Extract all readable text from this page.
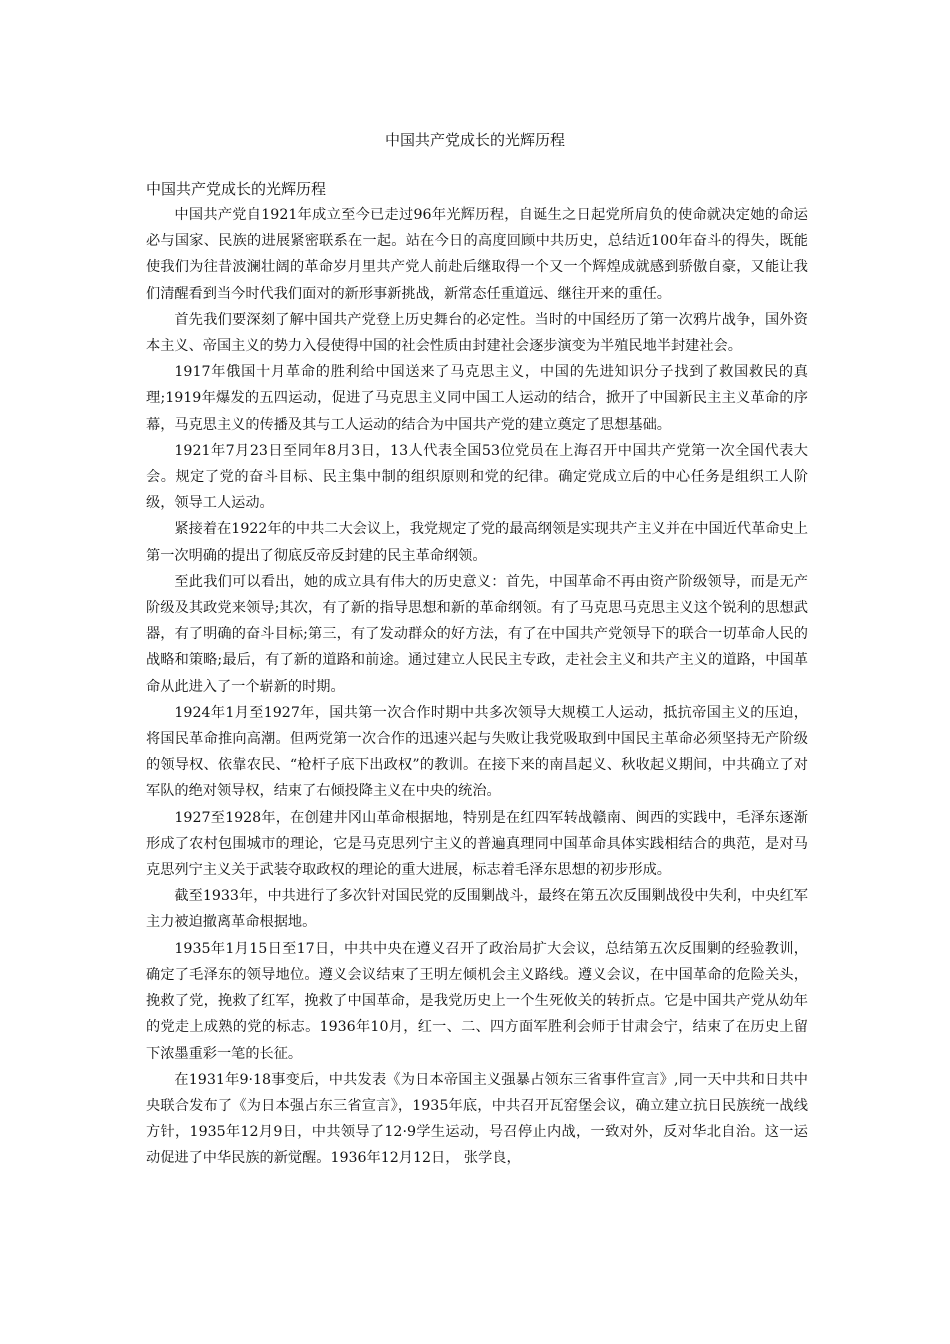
中国共产党成长的光辉历程

中国共产党成长的光辉历程

中国共产党自1921年成立至今已走过96年光辉历程，自诞生之日起党所肩负的使命就决定她的命运必与国家、民族的进展紧密联系在一起。站在今日的高度回顾中共历史，总结近100年奋斗的得失，既能使我们为往昔波澜壮阔的革命岁月里共产党人前赴后继取得一个又一个辉煌成就感到骄傲自豪，又能让我们清醒看到当今时代我们面对的新形事新挑战，新常态任重道远、继往开来的重任。

首先我们要深刻了解中国共产党登上历史舞台的必定性。当时的中国经历了第一次鸦片战争，国外资本主义、帝国主义的势力入侵使得中国的社会性质由封建社会逐步演变为半殖民地半封建社会。

1917年俄国十月革命的胜利给中国送来了马克思主义，中国的先进知识分子找到了救国救民的真理;1919年爆发的五四运动，促进了马克思主义同中国工人运动的结合，掀开了中国新民主主义革命的序幕，马克思主义的传播及其与工人运动的结合为中国共产党的建立奠定了思想基础。

1921年7月23日至同年8月3日，13人代表全国53位党员在上海召开中国共产党第一次全国代表大会。规定了党的奋斗目标、民主集中制的组织原则和党的纪律。确定党成立后的中心任务是组织工人阶级，领导工人运动。

紧接着在1922年的中共二大会议上，我党规定了党的最高纲领是实现共产主义并在中国近代革命史上第一次明确的提出了彻底反帝反封建的民主革命纲领。

至此我们可以看出，她的成立具有伟大的历史意义：首先，中国革命不再由资产阶级领导，而是无产阶级及其政党来领导;其次，有了新的指导思想和新的革命纲领。有了马克思马克思主义这个锐利的思想武器，有了明确的奋斗目标;第三，有了发动群众的好方法，有了在中国共产党领导下的联合一切革命人民的战略和策略;最后，有了新的道路和前途。通过建立人民民主专政，走社会主义和共产主义的道路，中国革命从此进入了一个崭新的时期。

1924年1月至1927年，国共第一次合作时期中共多次领导大规模工人运动，抵抗帝国主义的压迫，将国民革命推向高潮。但两党第一次合作的迅速兴起与失败让我党吸取到中国民主革命必须坚持无产阶级的领导权、依靠农民、“枪杆子底下出政权”的教训。在接下来的南昌起义、秋收起义期间，中共确立了对军队的绝对领导权，结束了右倾投降主义在中央的统治。

1927至1928年，在创建井冈山革命根据地，特别是在红四军转战赣南、闽西的实践中，毛泽东逐渐形成了农村包围城市的理论，它是马克思列宁主义的普遍真理同中国革命具体实践相结合的典范，是对马克思列宁主义关于武装夺取政权的理论的重大进展，标志着毛泽东思想的初步形成。

截至1933年，中共进行了多次针对国民党的反围剿战斗，最终在第五次反围剿战役中失利，中央红军主力被迫撤离革命根据地。

1935年1月15日至17日，中共中央在遵义召开了政治局扩大会议，总结第五次反围剿的经验教训，确定了毛泽东的领导地位。遵义会议结束了王明左倾机会主义路线。遵义会议，在中国革命的危险关头，挽救了党，挽救了红军，挽救了中国革命，是我党历史上一个生死攸关的转折点。它是中国共产党从幼年的党走上成熟的党的标志。1936年10月，红一、二、四方面军胜利会师于甘肃会宁，结束了在历史上留下浓墨重彩一笔的长征。

在1931年9·18事变后，中共发表《为日本帝国主义强暴占领东三省事件宣言》,同一天中共和日共中央联合发布了《为日本强占东三省宣言》，1935年底，中共召开瓦窑堡会议，确立建立抗日民族统一战线方针，1935年12月9日，中共领导了12·9学生运动，号召停止内战，一致对外，反对华北自治。这一运动促进了中华民族的新觉醒。1936年12月12日， 张学良，
